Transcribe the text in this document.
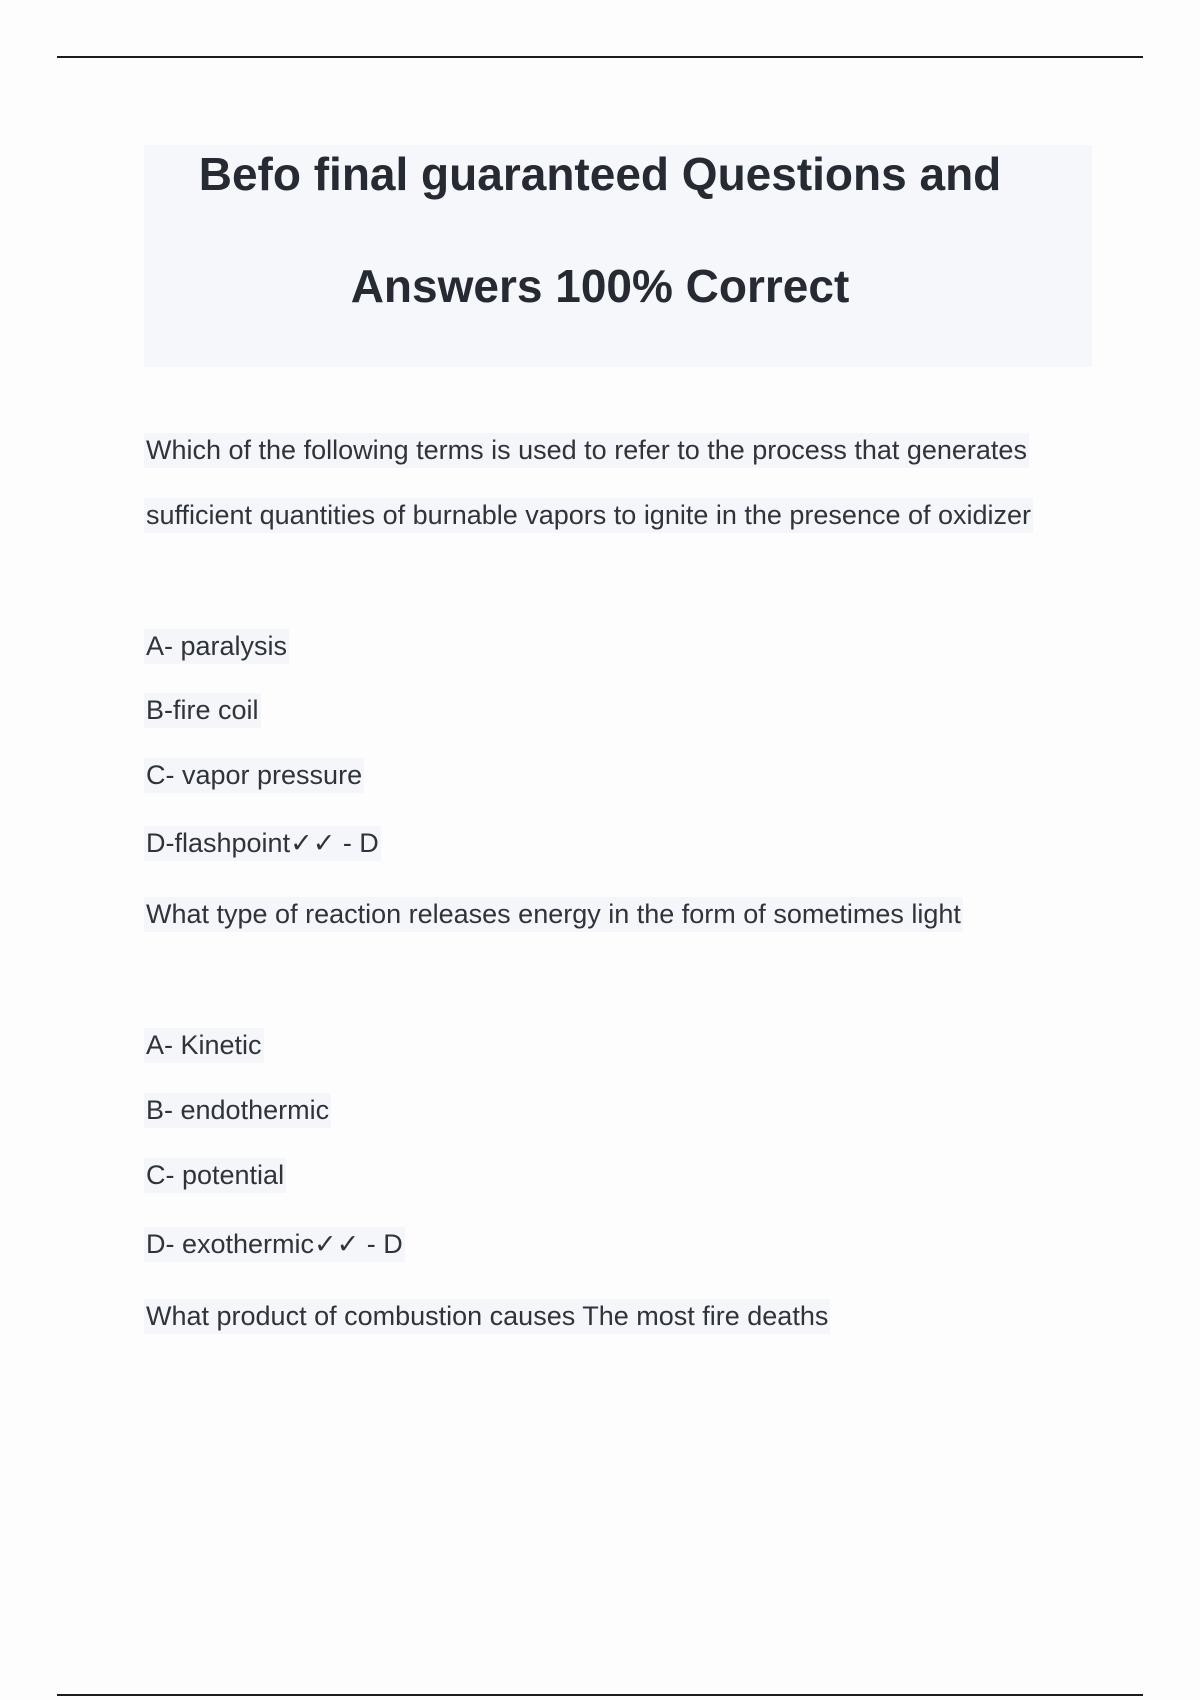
Befo final guaranteed Questions and
Answers 100% Correct
Which of the following terms is used to refer to the process that generates
sufficient quantities of burnable vapors to ignite in the presence of oxidizer
A- paralysis
B-fire coil
C- vapor pressure
D-flashpoint✓✓ - D
What type of reaction releases energy in the form of sometimes light
A- Kinetic
B- endothermic
C- potential
D- exothermic✓✓ - D
What product of combustion causes The most fire deaths
